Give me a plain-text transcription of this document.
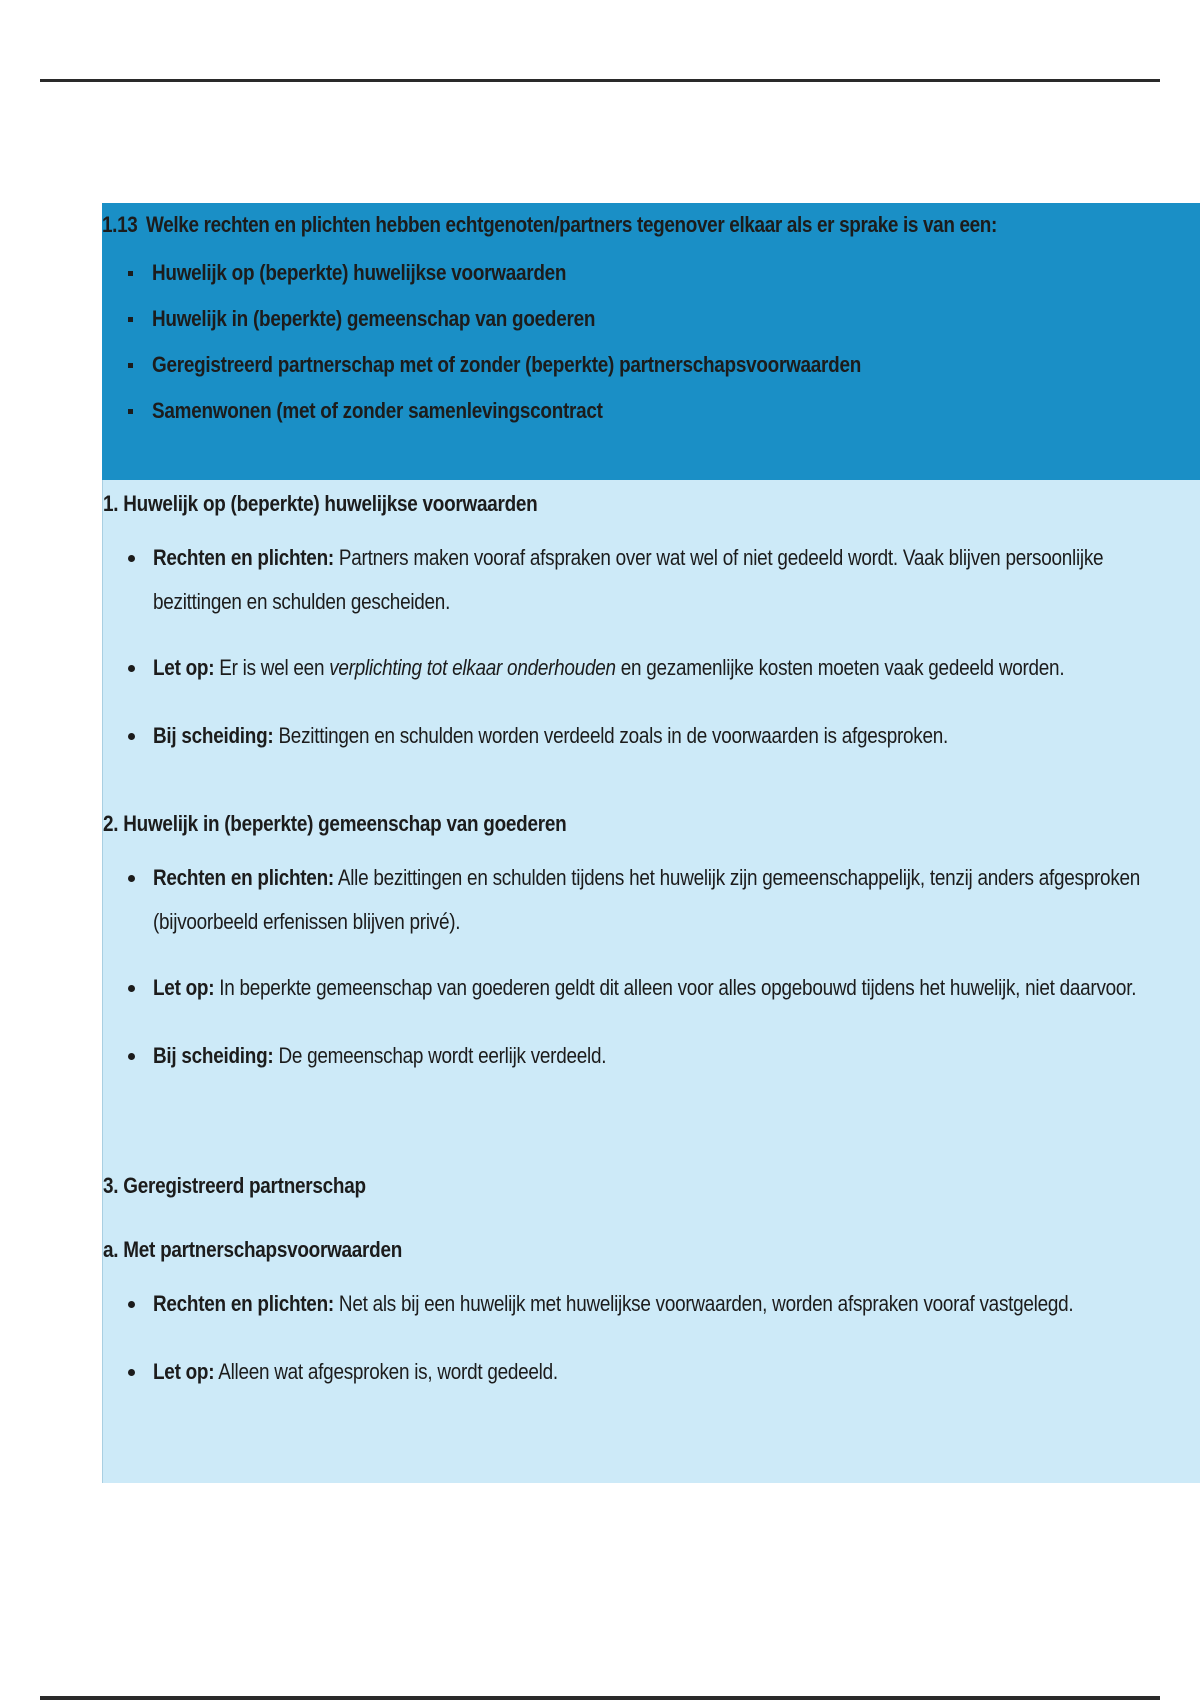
1.13 Welke rechten en plichten hebben echtgenoten/partners tegenover elkaar als er sprake is van een:

Huwelijk op (beperkte) huwelijkse voorwaarden
Huwelijk in (beperkte) gemeenschap van goederen
Geregistreerd partnerschap met of zonder (beperkte) partnerschapsvoorwaarden
Samenwonen (met of zonder samenlevingscontract
1. Huwelijk op (beperkte) huwelijkse voorwaarden
Rechten en plichten: Partners maken vooraf afspraken over wat wel of niet gedeeld wordt. Vaak blijven persoonlijke bezittingen en schulden gescheiden.
Let op: Er is wel een verplichting tot elkaar onderhouden en gezamenlijke kosten moeten vaak gedeeld worden.
Bij scheiding: Bezittingen en schulden worden verdeeld zoals in de voorwaarden is afgesproken.
2. Huwelijk in (beperkte) gemeenschap van goederen
Rechten en plichten: Alle bezittingen en schulden tijdens het huwelijk zijn gemeenschappelijk, tenzij anders afgesproken (bijvoorbeeld erfenissen blijven privé).
Let op: In beperkte gemeenschap van goederen geldt dit alleen voor alles opgebouwd tijdens het huwelijk, niet daarvoor.
Bij scheiding: De gemeenschap wordt eerlijk verdeeld.
3. Geregistreerd partnerschap
a. Met partnerschapsvoorwaarden
Rechten en plichten: Net als bij een huwelijk met huwelijkse voorwaarden, worden afspraken vooraf vastgelegd.
Let op: Alleen wat afgesproken is, wordt gedeeld.
